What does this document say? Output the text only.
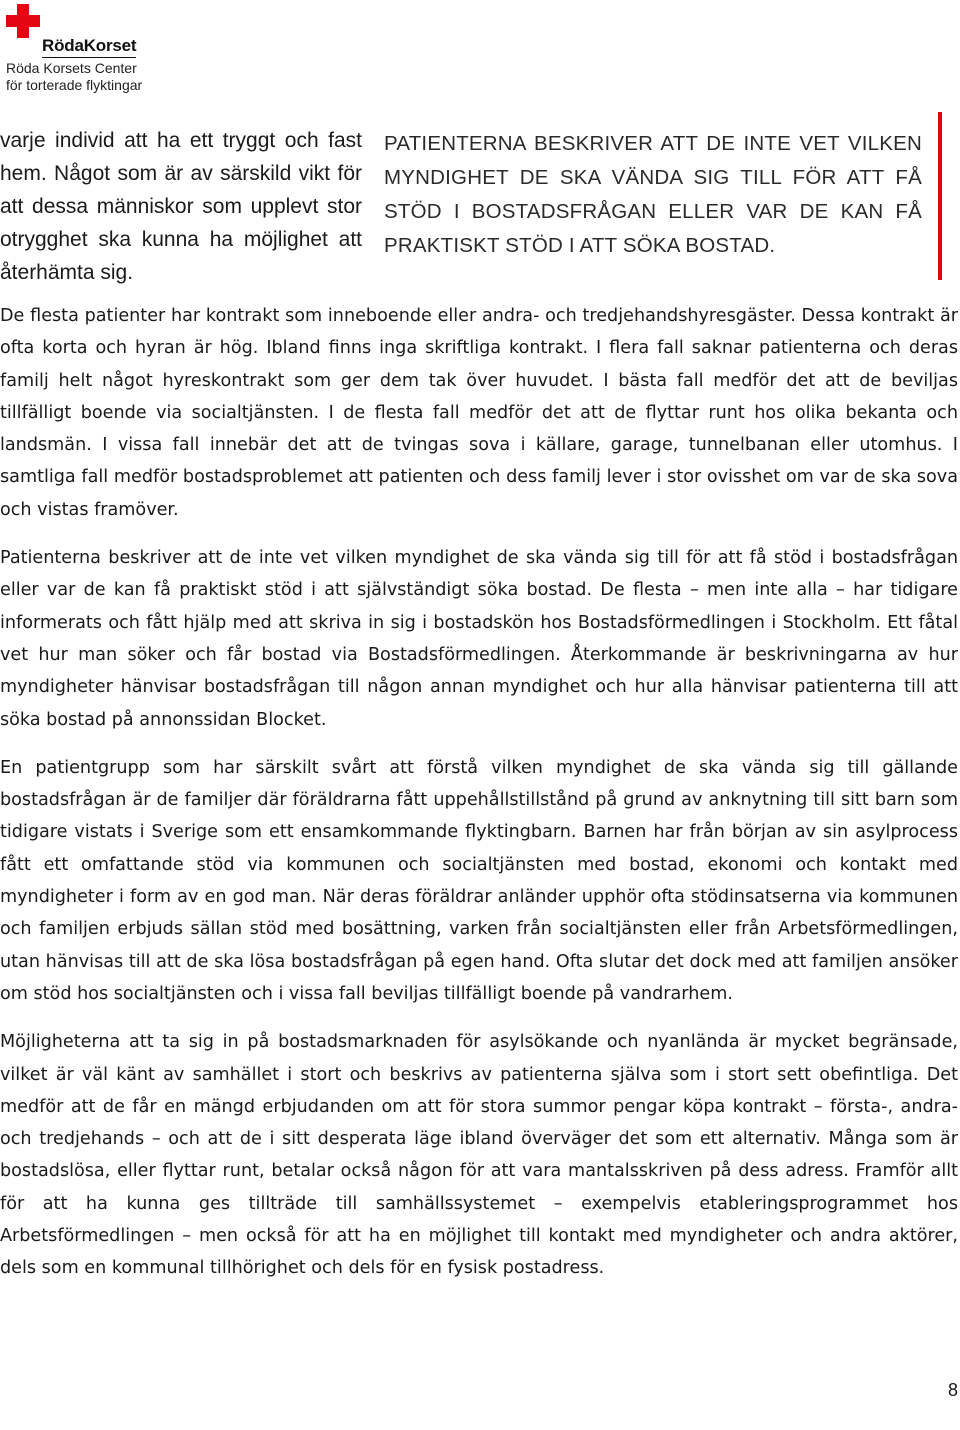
RödaKorset
Röda Korsets Center
för torterade flyktingar
varje individ att ha ett tryggt och fast hem. Något som är av särskild vikt för att dessa människor som upplevt stor otrygghet ska kunna ha möjlighet att återhämta sig.
PATIENTERNA BESKRIVER ATT DE INTE VET VILKEN MYNDIGHET DE SKA VÄNDA SIG TILL FÖR ATT FÅ STÖD I BOSTADSFRÅGAN ELLER VAR DE KAN FÅ PRAKTISKT STÖD I ATT SÖKA BOSTAD.

De flesta patienter har kontrakt som inneboende eller andra- och tredjehandshyresgäster. Dessa kontrakt är ofta korta och hyran är hög. Ibland finns inga skriftliga kontrakt. I flera fall saknar patienterna och deras familj helt något hyreskontrakt som ger dem tak över huvudet. I bästa fall medför det att de beviljas tillfälligt boende via socialtjänsten. I de flesta fall medför det att de flyttar runt hos olika bekanta och landsmän. I vissa fall innebär det att de tvingas sova i källare, garage, tunnelbanan eller utomhus. I samtliga fall medför bostadsproblemet att patienten och dess familj lever i stor ovisshet om var de ska sova och vistas framöver.

Patienterna beskriver att de inte vet vilken myndighet de ska vända sig till för att få stöd i bostadsfrågan eller var de kan få praktiskt stöd i att självständigt söka bostad. De flesta – men inte alla – har tidigare informerats och fått hjälp med att skriva in sig i bostadskön hos Bostadsförmedlingen i Stockholm. Ett fåtal vet hur man söker och får bostad via Bostadsförmedlingen. Återkommande är beskrivningarna av hur myndigheter hänvisar bostadsfrågan till någon annan myndighet och hur alla hänvisar patienterna till att söka bostad på annonssidan Blocket.

En patientgrupp som har särskilt svårt att förstå vilken myndighet de ska vända sig till gällande bostadsfrågan är de familjer där föräldrarna fått uppehållstillstånd på grund av anknytning till sitt barn som tidigare vistats i Sverige som ett ensamkommande flyktingbarn. Barnen har från början av sin asylprocess fått ett omfattande stöd via kommunen och socialtjänsten med bostad, ekonomi och kontakt med myndigheter i form av en god man. När deras föräldrar anländer upphör ofta stödinsatserna via kommunen och familjen erbjuds sällan stöd med bosättning, varken från socialtjänsten eller från Arbetsförmedlingen, utan hänvisas till att de ska lösa bostadsfrågan på egen hand. Ofta slutar det dock med att familjen ansöker om stöd hos socialtjänsten och i vissa fall beviljas tillfälligt boende på vandrarhem.

Möjligheterna att ta sig in på bostadsmarknaden för asylsökande och nyanlända är mycket begränsade, vilket är väl känt av samhället i stort och beskrivs av patienterna själva som i stort sett obefintliga. Det medför att de får en mängd erbjudanden om att för stora summor pengar köpa kontrakt – första-, andra- och tredjehands – och att de i sitt desperata läge ibland överväger det som ett alternativ. Många som är bostadslösa, eller flyttar runt, betalar också någon för att vara mantalsskriven på dess adress. Framför allt för att ha kunna ges tillträde till samhällssystemet – exempelvis etableringsprogrammet hos Arbetsförmedlingen – men också för att ha en möjlighet till kontakt med myndigheter och andra aktörer, dels som en kommunal tillhörighet och dels för en fysisk postadress.

8
